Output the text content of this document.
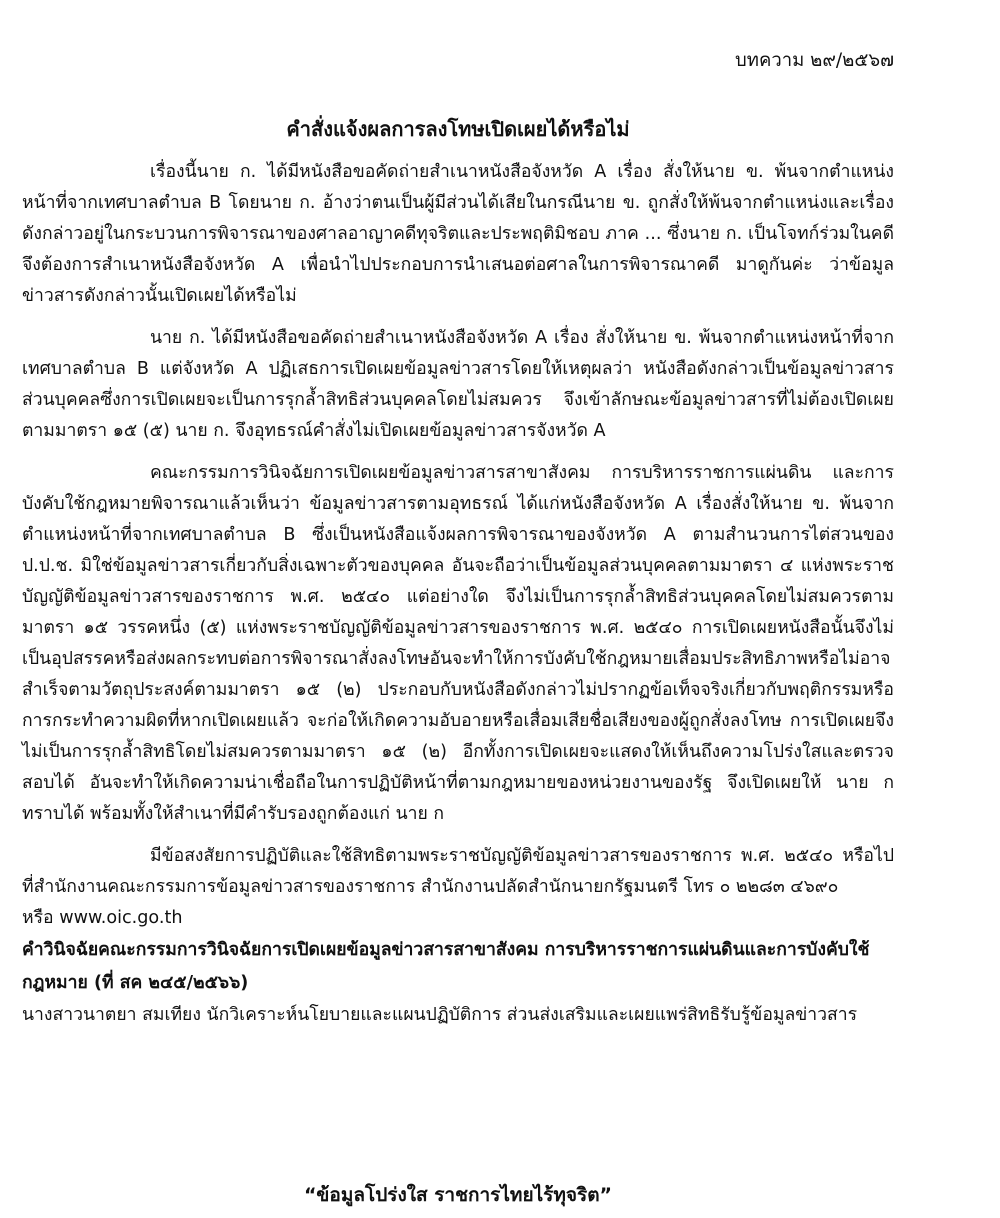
บทความ ๒๙/๒๕๖๗
คำสั่งแจ้งผลการลงโทษเปิดเผยได้หรือไม่

เรื่องนี้นาย ก. ได้มีหนังสือขอคัดถ่ายสำเนาหนังสือจังหวัด A เรื่อง สั่งให้นาย ข. พ้นจากตำแหน่งหน้าที่จากเทศบาลตำบล B โดยนาย ก. อ้างว่าตนเป็นผู้มีส่วนได้เสียในกรณีนาย ข. ถูกสั่งให้พ้นจากตำแหน่งและเรื่องดังกล่าวอยู่ในกระบวนการพิจารณาของศาลอาญาคดีทุจริตและประพฤติมิชอบ ภาค ... ซึ่งนาย ก. เป็นโจทก์ร่วมในคดี จึงต้องการสำเนาหนังสือจังหวัด A เพื่อนำไปประกอบการนำเสนอต่อศาลในการพิจารณาคดี มาดูกันค่ะ ว่าข้อมูลข่าวสารดังกล่าวนั้นเปิดเผยได้หรือไม่

นาย ก. ได้มีหนังสือขอคัดถ่ายสำเนาหนังสือจังหวัด A เรื่อง สั่งให้นาย ข. พ้นจากตำแหน่งหน้าที่จากเทศบาลตำบล B แต่จังหวัด A ปฏิเสธการเปิดเผยข้อมูลข่าวสารโดยให้เหตุผลว่า หนังสือดังกล่าวเป็นข้อมูลข่าวสารส่วนบุคคลซึ่งการเปิดเผยจะเป็นการรุกล้ำสิทธิส่วนบุคคลโดยไม่สมควร จึงเข้าลักษณะข้อมูลข่าวสารที่ไม่ต้องเปิดเผย ตามมาตรา ๑๕ (๕) นาย ก. จึงอุทธรณ์คำสั่งไม่เปิดเผยข้อมูลข่าวสารจังหวัด A

คณะกรรมการวินิจฉัยการเปิดเผยข้อมูลข่าวสารสาขาสังคม การบริหารราชการแผ่นดิน และการบังคับใช้กฎหมายพิจารณาแล้วเห็นว่า ข้อมูลข่าวสารตามอุทธรณ์ ได้แก่หนังสือจังหวัด A เรื่องสั่งให้นาย ข. พ้นจากตำแหน่งหน้าที่จากเทศบาลตำบล B ซึ่งเป็นหนังสือแจ้งผลการพิจารณาของจังหวัด A ตามสำนวนการไต่สวนของ ป.ป.ช. มิใช่ข้อมูลข่าวสารเกี่ยวกับสิ่งเฉพาะตัวของบุคคล อันจะถือว่าเป็นข้อมูลส่วนบุคคลตามมาตรา ๔ แห่งพระราชบัญญัติข้อมูลข่าวสารของราชการ พ.ศ. ๒๕๔๐ แต่อย่างใด จึงไม่เป็นการรุกล้ำสิทธิส่วนบุคคลโดยไม่สมควรตามมาตรา ๑๕ วรรคหนึ่ง (๕) แห่งพระราชบัญญัติข้อมูลข่าวสารของราชการ พ.ศ. ๒๕๔๐ การเปิดเผยหนังสือนั้นจึงไม่เป็นอุปสรรคหรือส่งผลกระทบต่อการพิจารณาสั่งลงโทษอันจะทำให้การบังคับใช้กฎหมายเสื่อมประสิทธิภาพหรือไม่อาจสำเร็จตามวัตถุประสงค์ตามมาตรา ๑๕ (๒) ประกอบกับหนังสือดังกล่าวไม่ปรากฏข้อเท็จจริงเกี่ยวกับพฤติกรรมหรือการกระทำความผิดที่หากเปิดเผยแล้ว จะก่อให้เกิดความอับอายหรือเสื่อมเสียชื่อเสียงของผู้ถูกสั่งลงโทษ การเปิดเผยจึงไม่เป็นการรุกล้ำสิทธิโดยไม่สมควรตามมาตรา ๑๕ (๒) อีกทั้งการเปิดเผยจะแสดงให้เห็นถึงความโปร่งใสและตรวจสอบได้ อันจะทำให้เกิดความน่าเชื่อถือในการปฏิบัติหน้าที่ตามกฎหมายของหน่วยงานของรัฐ จึงเปิดเผยให้ นาย ก ทราบได้ พร้อมทั้งให้สำเนาที่มีคำรับรองถูกต้องแก่ นาย ก

มีข้อสงสัยการปฏิบัติและใช้สิทธิตามพระราชบัญญัติข้อมูลข่าวสารของราชการ พ.ศ. ๒๕๔๐ หรือไปที่สำนักงานคณะกรรมการข้อมูลข่าวสารของราชการ สำนักงานปลัดสำนักนายกรัฐมนตรี โทร ๐ ๒๒๘๓ ๔๖๙๐

หรือ www.oic.go.th

คำวินิจฉัยคณะกรรมการวินิจฉัยการเปิดเผยข้อมูลข่าวสารสาขาสังคม การบริหารราชการแผ่นดินและการบังคับใช้กฎหมาย (ที่ สค ๒๔๕/๒๕๖๖)

นางสาวนาตยา สมเทียง นักวิเคราะห์นโยบายและแผนปฏิบัติการ ส่วนส่งเสริมและเผยแพร่สิทธิรับรู้ข้อมูลข่าวสาร

“ข้อมูลโปร่งใส ราชการไทยไร้ทุจริต”
